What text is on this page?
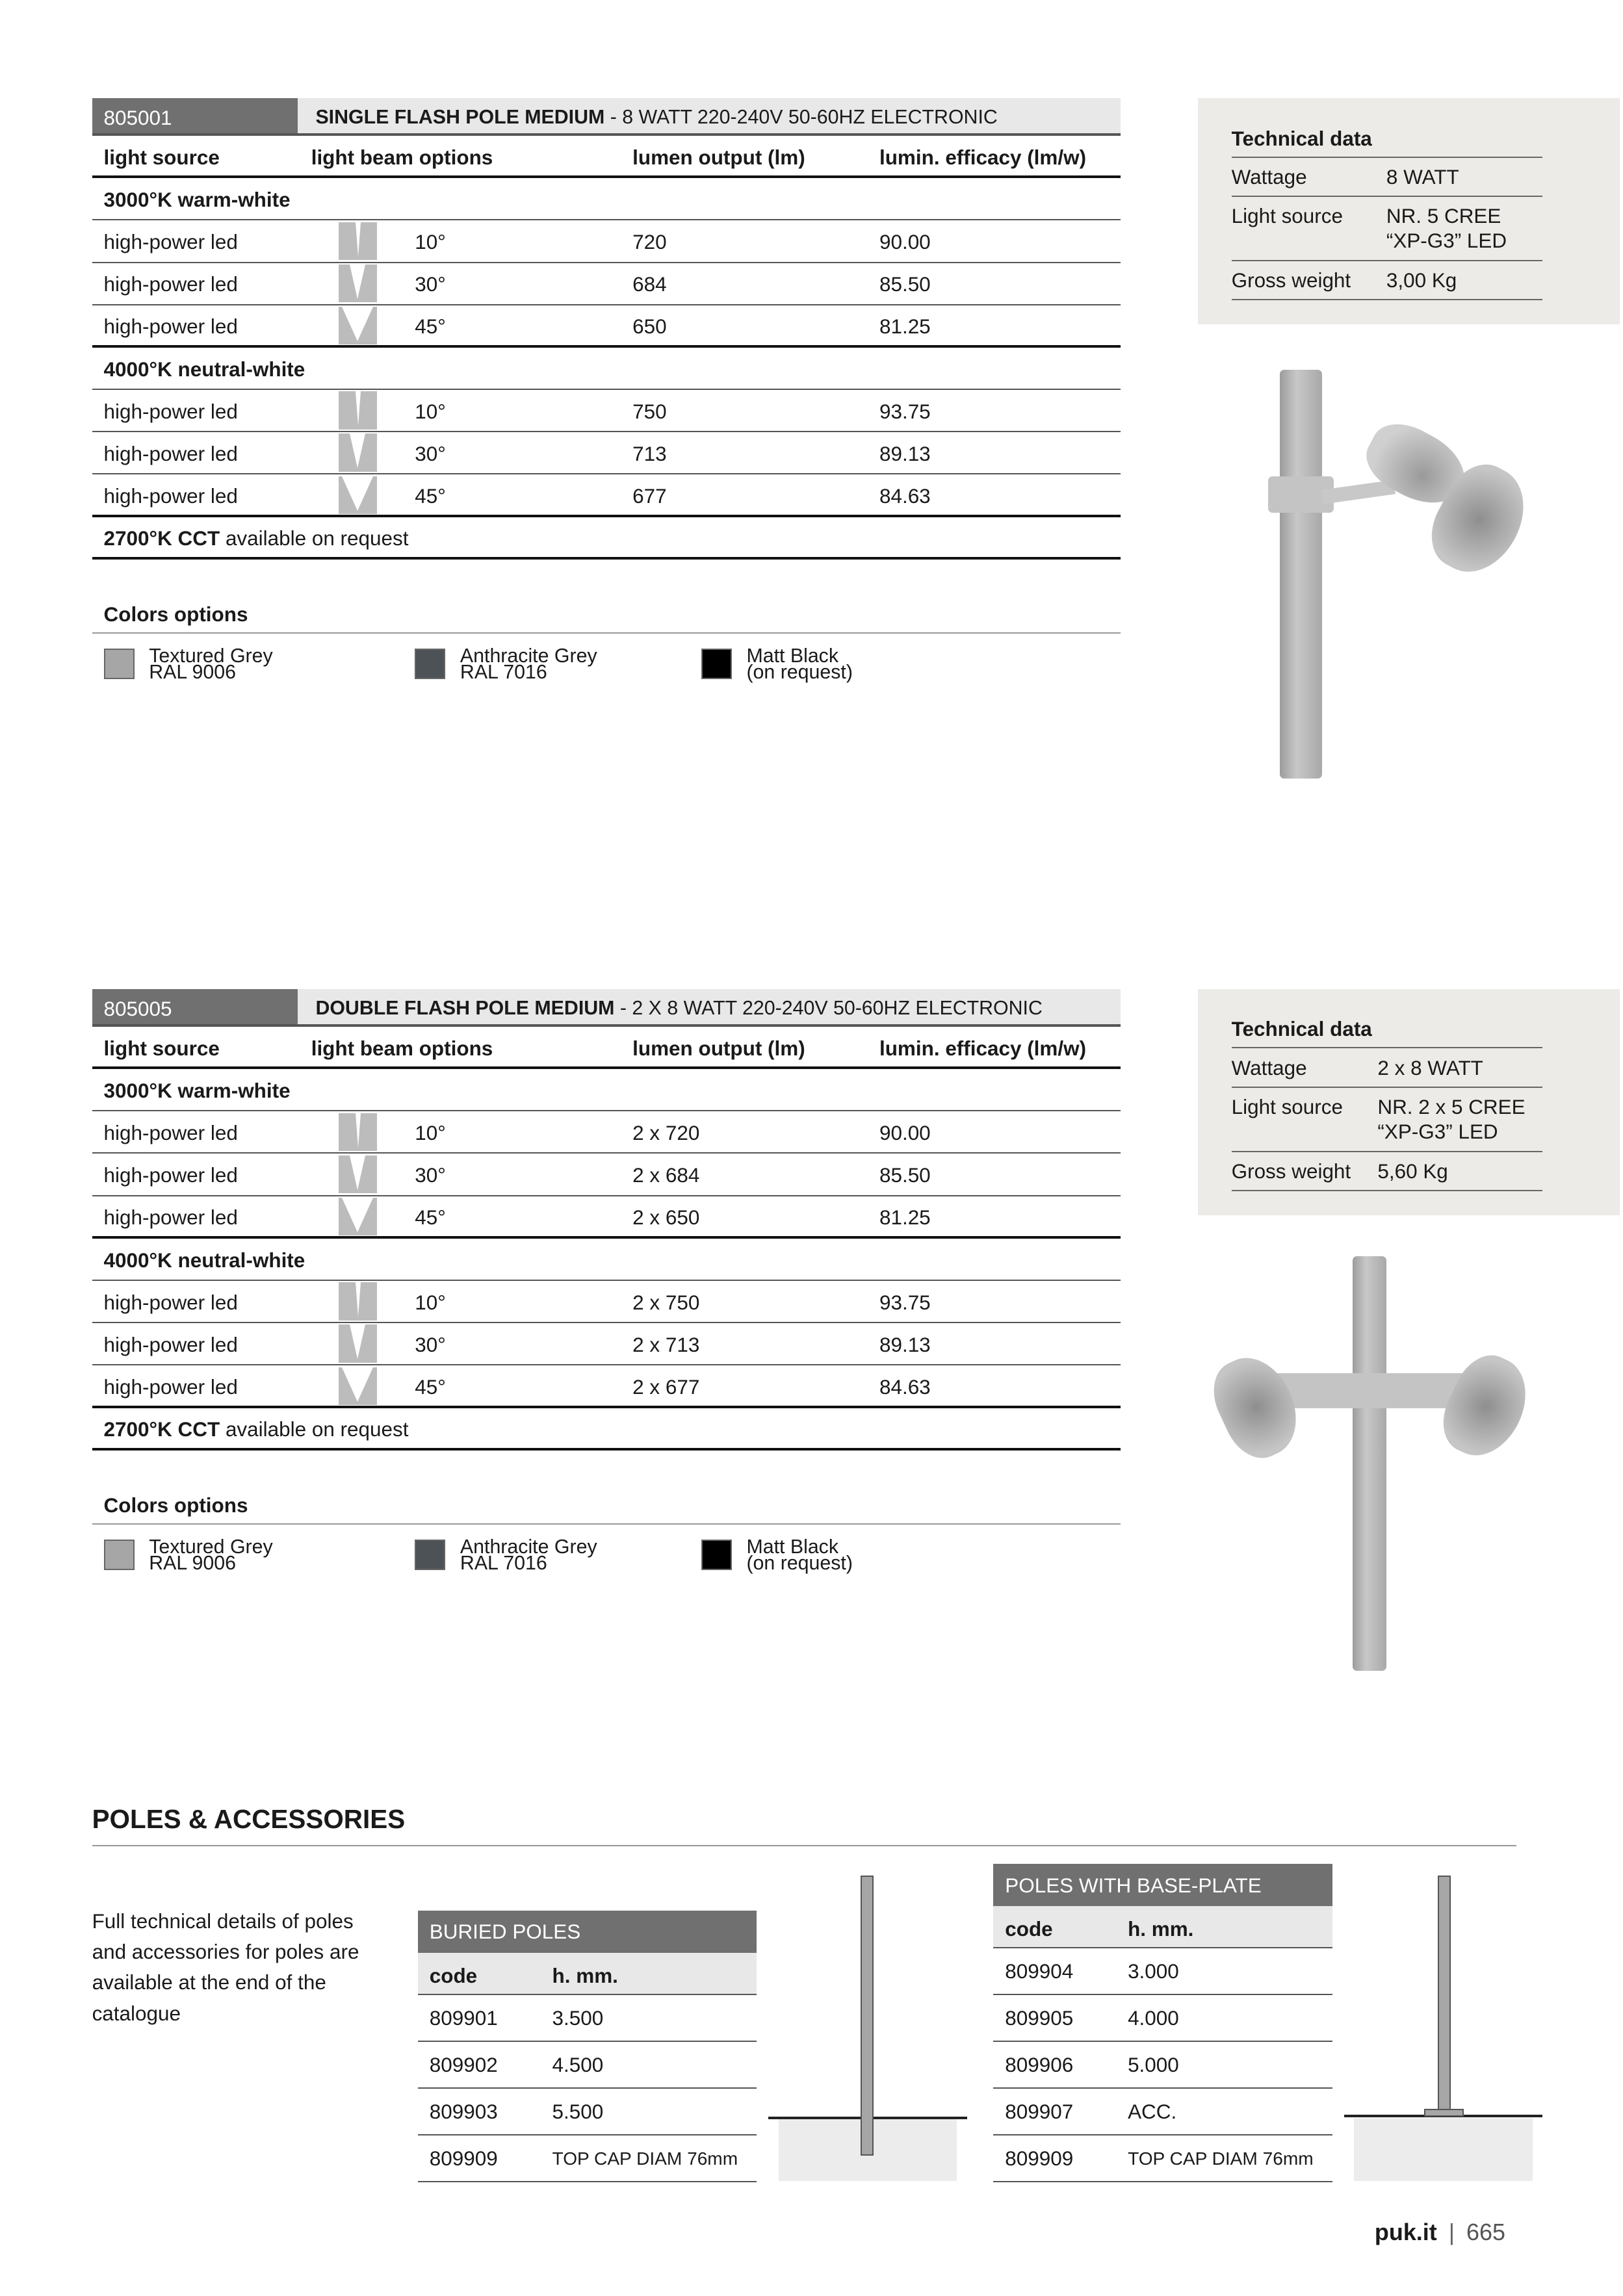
805001	SINGLE FLASH POLE MEDIUM - 8 WATT 220-240V 50-60HZ ELECTRONIC
light source	light beam options	lumen output (lm)	lumin. efficacy (lm/w)
3000°K warm-white
high-power led	10°	720	90.00
high-power led	30°	684	85.50
high-power led	45°	650	81.25
4000°K neutral-white
high-power led	10°	750	93.75
high-power led	30°	713	89.13
high-power led	45°	677	84.63
2700°K CCT available on request
Colors options
Textured Grey
RAL 9006
Anthracite Grey
RAL 7016
Matt Black
(on request)
Technical data	
Wattage	8 WATT
Light source	NR. 5 CREE “XP-G3” LED
Gross weight	3,00 Kg
805005	DOUBLE FLASH POLE MEDIUM - 2 X 8 WATT 220-240V 50-60HZ ELECTRONIC
light source	light beam options	lumen output (lm)	lumin. efficacy (lm/w)
3000°K warm-white
high-power led	10°	2 x 720	90.00
high-power led	30°	2 x 684	85.50
high-power led	45°	2 x 650	81.25
4000°K neutral-white
high-power led	10°	2 x 750	93.75
high-power led	30°	2 x 713	89.13
high-power led	45°	2 x 677	84.63
2700°K CCT available on request
Colors options
Textured Grey
RAL 9006
Anthracite Grey
RAL 7016
Matt Black
(on request)
Technical data	
Wattage	2 x 8 WATT
Light source	NR. 2 x 5 CREE “XP-G3” LED
Gross weight	5,60 Kg
POLES & ACCESSORIES
Full technical details of poles and accessories for poles are available at the end of the catalogue
BURIED POLES
code	h. mm.
809901	3.500
809902	4.500
809903	5.500
809909	TOP CAP DIAM 76mm
POLES WITH BASE-PLATE
code	h. mm.
809904	3.000
809905	4.000
809906	5.000
809907	ACC.
809909	TOP CAP DIAM 76mm
puk.it | 665
